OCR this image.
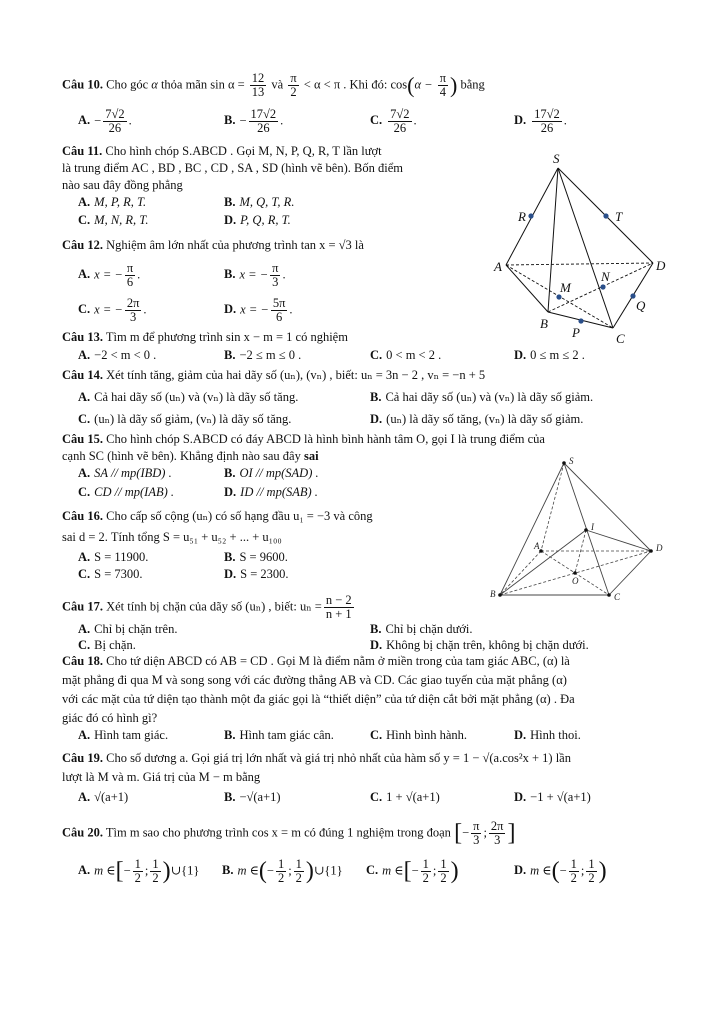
Câu 10. Cho góc α thỏa mãn $\sin \alpha = \frac{12}{13}$ và $\frac{\pi}{2} < \alpha < \pi$ . Khi đó: $\cos(\alpha - \frac{\pi}{4}$ ) bằng
A. − $\frac{7√2}{26}$ .	B. − $\frac{17√2}{26}$ .	C. $\frac{7√2}{26}$ .	D. $\frac{17√2}{26}$ .
Câu 11. Cho hình chóp S.ABCD . Gọi M, N, P, Q, R, T lần lượt
là trung điểm AC , BD , BC , CD , SA , SD (hình vẽ bên). Bốn điểm
nào sau đây đồng phẳng
A. M, P, R, T.	B. M, Q, T, R.
C. M, N, R, T.	D. P, Q, R, T.
S
A
B
C
D
M
N
P
Q
R	T
Câu 12. Nghiệm âm lớn nhất của phương trình tan x = √3 là
A. x = − $\frac{\pi}{6}$ .	B. x = − $\frac{\pi}{3}$ .
C. x = − $\frac{2\pi}{3}$ .	D. x = − $\frac{5\pi}{6}$ .
Câu 13. Tìm m để phương trình sin x − m = 1 có nghiệm
A. −2 < m < 0 .	B. −2 ≤ m ≤ 0 .	C. 0 < m < 2 .	D. 0 ≤ m ≤ 2 .
Câu 14. Xét tính tăng, giảm của hai dãy số (uₙ), (vₙ) , biết: uₙ = 3n − 2 , vₙ = −n + 5
A. Cả hai dãy số (uₙ) và (vₙ) là dãy số tăng.	B. Cả hai dãy số (uₙ) và (vₙ) là dãy số giảm.
C. (uₙ) là dãy số giảm, (vₙ) là dãy số tăng.	D. (uₙ) là dãy số tăng, (vₙ) là dãy số giảm.
Câu 15. Cho hình chóp S.ABCD có đáy ABCD là hình bình hành tâm O, gọi I là trung điểm của
cạnh SC (hình vẽ bên). Khẳng định nào sau đây sai
A. SA // mp(IBD) .	B. OI // mp(SAD) .
C. CD // mp(IAB) .	D. ID // mp(SAB) .
S
A
B	C
D
I
O
Câu 16. Cho cấp số cộng (uₙ) có số hạng đầu u₁ = −3 và công
sai d = 2. Tính tổng S = u₅₁ + u₅₂ + ... + u₁₀₀
A. S = 11900.	B. S = 9600.
C. S = 7300.	D. S = 2300.
Câu 17. Xét tính bị chặn của dãy số (uₙ) , biết: $u_n = \frac{n - 2}{n + 1}$
A. Chỉ bị chặn trên.	B. Chỉ bị chặn dưới.
C. Bị chặn.	D. Không bị chặn trên, không bị chặn dưới.
Câu 18. Cho tứ diện ABCD có AB = CD . Gọi M là điểm nằm ở miền trong của tam giác ABC, (α) là
mặt phẳng đi qua M và song song với các đường thẳng AB và CD. Các giao tuyến của mặt phẳng (α)
với các mặt của tứ diện tạo thành một đa giác gọi là “thiết diện” của tứ diện cắt bởi mặt phẳng (α) . Đa
giác đó có hình gì?
A. Hình tam giác.	B. Hình tam giác cân.	C. Hình bình hành.	D. Hình thoi.
Câu 19. Cho số dương a. Gọi giá trị lớn nhất và giá trị nhỏ nhất của hàm số y = 1 − √(a.cos²x + 1) lần
lượt là M và m. Giá trị của M − m bằng
A. √(a+1)	B. −√(a+1)	C. 1 + √(a+1)	D. −1 + √(a+1)
Câu 20. Tìm m sao cho phương trình cos x = m có đúng 1 nghiệm trong đoạn [− $\frac{\pi}{3}$ ; $\frac{2\pi}{3}$ ]
A. m ∈[− $\frac{1}{2}$ ; $\frac{1}{2}$ )∪{1} B. m ∈(− $\frac{1}{2}$ ; $\frac{1}{2}$ )∪{1} C. m ∈[− $\frac{1}{2}$ ; $\frac{1}{2}$ )	D. m ∈(− $\frac{1}{2}$ ; $\frac{1}{2}$ )
